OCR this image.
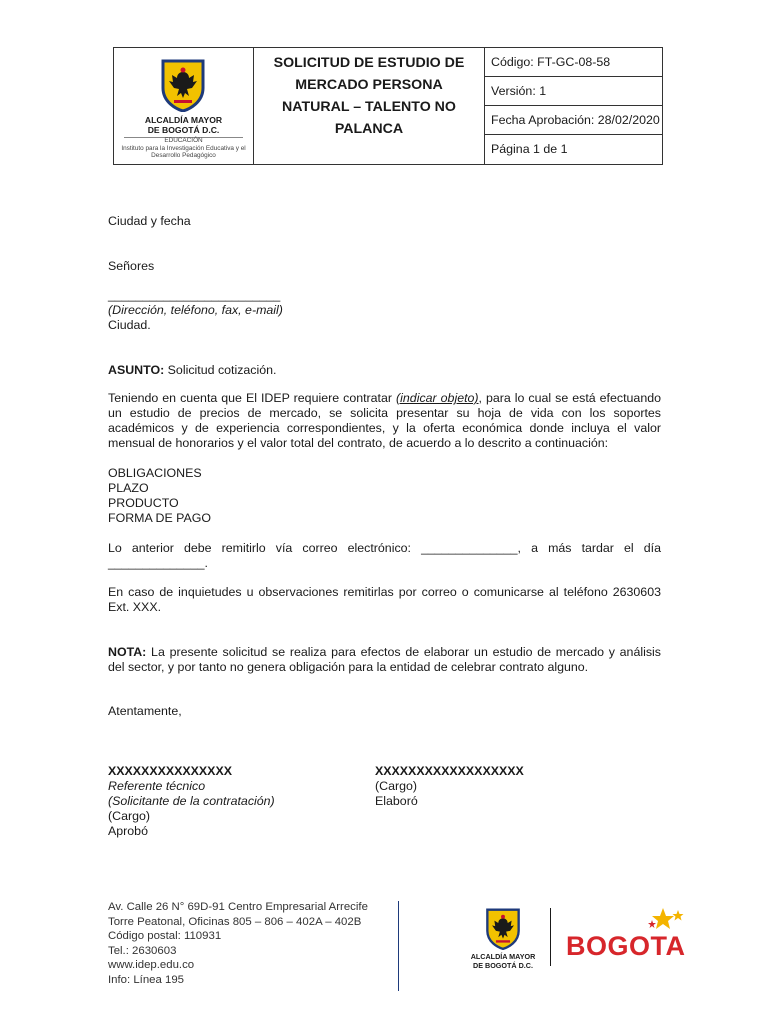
ALCALDÍA MAYOR
DE BOGOTÁ D.C.
EDUCACIÓN
Instituto para la Investigación Educativa y el
Desarrollo Pedagógico
SOLICITUD DE ESTUDIO DE
MERCADO PERSONA
NATURAL – TALENTO NO
PALANCA
Código: FT-GC-08-58
Versión: 1
Fecha Aprobación: 28/02/2020
Página 1 de 1
Ciudad y fecha
Señores
_________________________
(Dirección, teléfono, fax, e-mail)
Ciudad.
ASUNTO: Solicitud cotización.
Teniendo en cuenta que El IDEP requiere contratar (indicar objeto), para lo cual se está efectuando un estudio de precios de mercado, se solicita presentar su hoja de vida con los soportes académicos y de experiencia correspondientes, y la oferta económica donde incluya el valor mensual de honorarios y el valor total del contrato, de acuerdo a lo descrito a continuación:
OBLIGACIONES
PLAZO
PRODUCTO
FORMA DE PAGO
Lo anterior debe remitirlo vía correo electrónico: ______________, a más tardar el día
______________.
En caso de inquietudes u observaciones remitirlas por correo o comunicarse al teléfono 2630603 Ext. XXX.
NOTA: La presente solicitud se realiza para efectos de elaborar un estudio de mercado y análisis del sector, y por tanto no genera obligación para la entidad de celebrar contrato alguno.
Atentamente,
XXXXXXXXXXXXXXX
Referente técnico
(Solicitante de la contratación)
(Cargo)
Aprobó
XXXXXXXXXXXXXXXXXX
(Cargo)
Elaboró
Av. Calle 26 N° 69D-91 Centro Empresarial Arrecife
Torre Peatonal, Oficinas 805 – 806 – 402A – 402B
Código postal: 110931
Tel.: 2630603
www.idep.edu.co
Info: Línea 195
ALCALDÍA MAYOR
DE BOGOTÁ D.C.
BOGOTA
